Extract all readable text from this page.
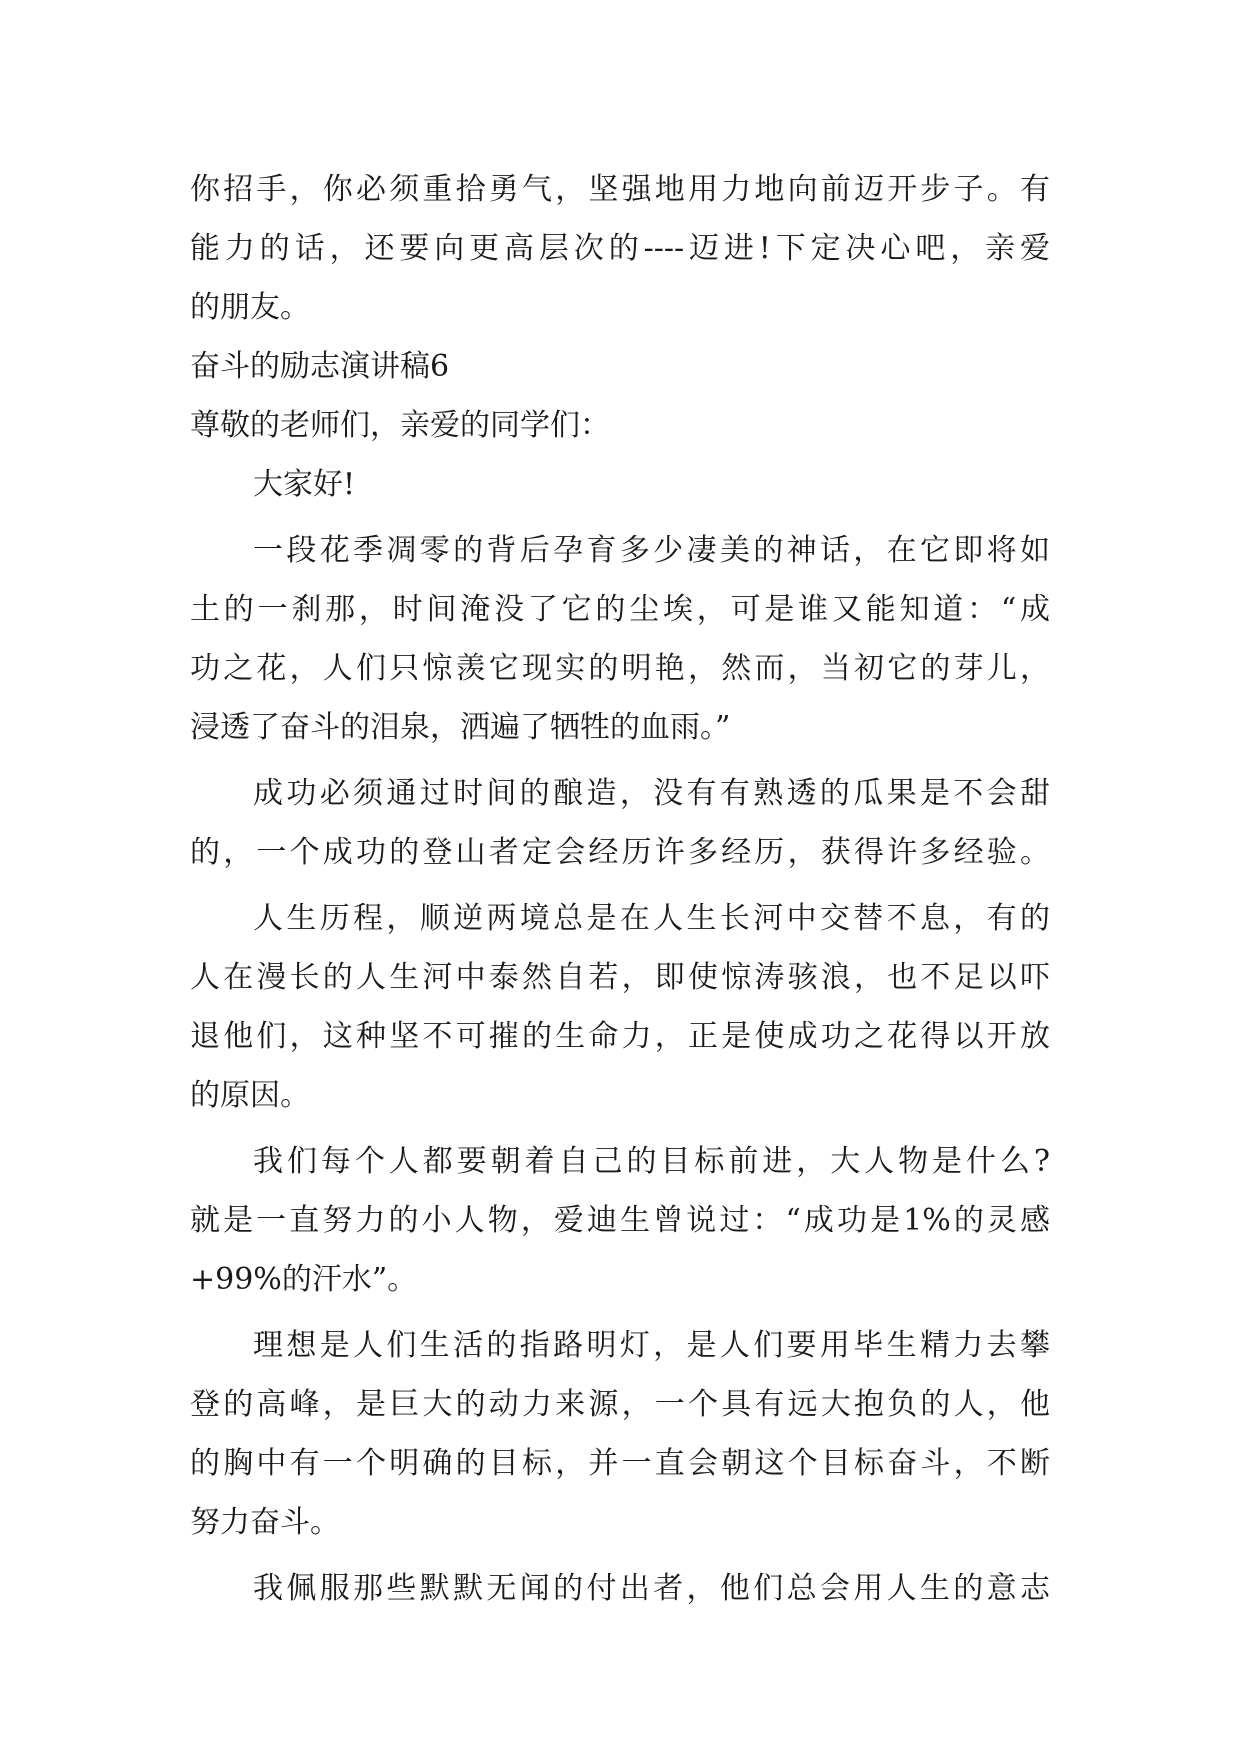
你招手，你必须重拾勇气，坚强地用力地向前迈开步子。有
能力的话，还要向更高层次的----迈进!下定决心吧，亲爱
的朋友。
奋斗的励志演讲稿6
尊敬的老师们，亲爱的同学们：
大家好!
一段花季凋零的背后孕育多少凄美的神话，在它即将如
土的一刹那，时间淹没了它的尘埃，可是谁又能知道：“成
功之花，人们只惊羡它现实的明艳，然而，当初它的芽儿，
浸透了奋斗的泪泉，洒遍了牺牲的血雨。”
成功必须通过时间的酿造，没有有熟透的瓜果是不会甜
的，一个成功的登山者定会经历许多经历，获得许多经验。
人生历程，顺逆两境总是在人生长河中交替不息，有的
人在漫长的人生河中泰然自若，即使惊涛骇浪，也不足以吓
退他们，这种坚不可摧的生命力，正是使成功之花得以开放
的原因。
我们每个人都要朝着自己的目标前进，大人物是什么?
就是一直努力的小人物，爱迪生曾说过：“成功是1%的灵感
+99%的汗水”。
理想是人们生活的指路明灯，是人们要用毕生精力去攀
登的高峰，是巨大的动力来源，一个具有远大抱负的人，他
的胸中有一个明确的目标，并一直会朝这个目标奋斗，不断
努力奋斗。
我佩服那些默默无闻的付出者，他们总会用人生的意志
